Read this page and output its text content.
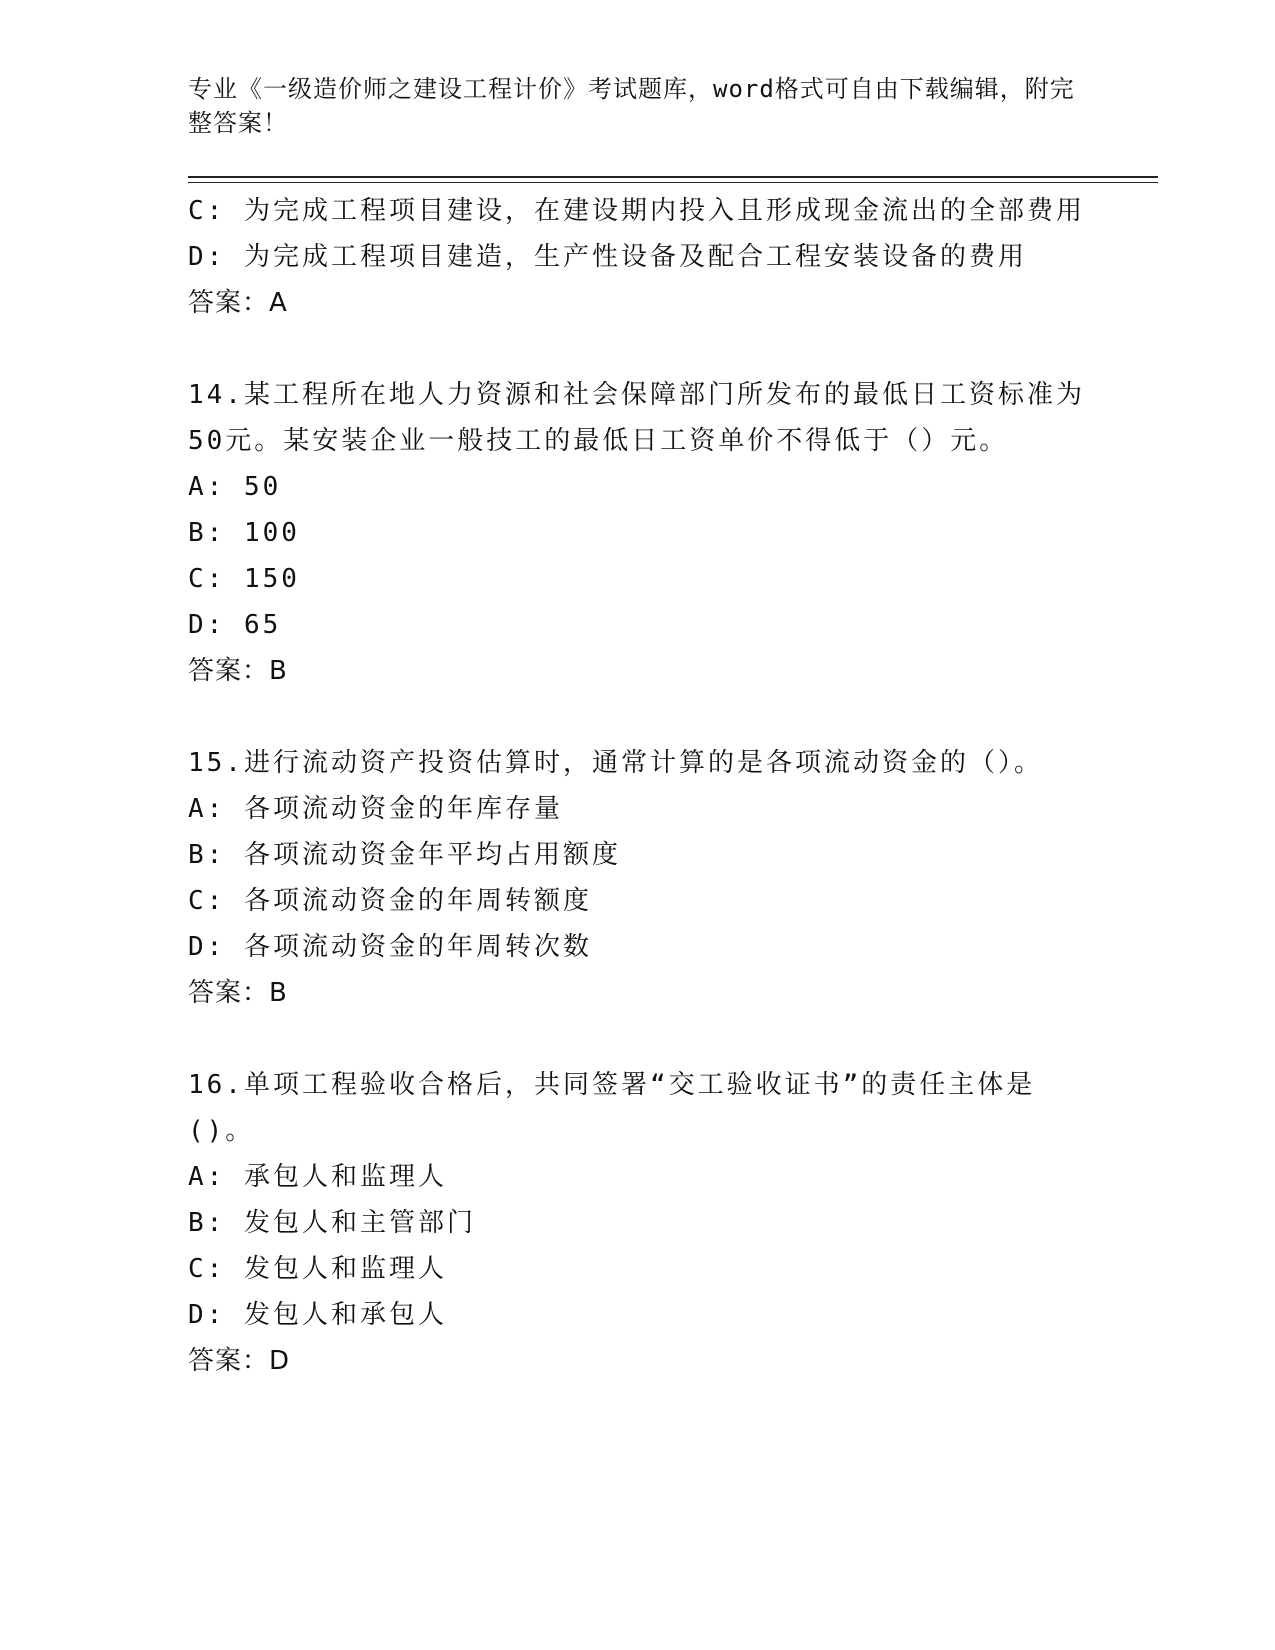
专业《一级造价师之建设工程计价》考试题库，word格式可自由下载编辑，附完整答案！

C: 为完成工程项目建设，在建设期内投入且形成现金流出的全部费用

D: 为完成工程项目建造，生产性设备及配合工程安装设备的费用

答案：A

14.某工程所在地人力资源和社会保障部门所发布的最低日工资标准为50元。某安装企业一般技工的最低日工资单价不得低于（）元。

A: 50

B: 100

C: 150

D: 65

答案：B

15.进行流动资产投资估算时，通常计算的是各项流动资金的（）。

A: 各项流动资金的年库存量

B: 各项流动资金年平均占用额度

C: 各项流动资金的年周转额度

D: 各项流动资金的年周转次数

答案：B

16.单项工程验收合格后，共同签署“交工验收证书”的责任主体是()。

A: 承包人和监理人

B: 发包人和主管部门

C: 发包人和监理人

D: 发包人和承包人

答案：D
